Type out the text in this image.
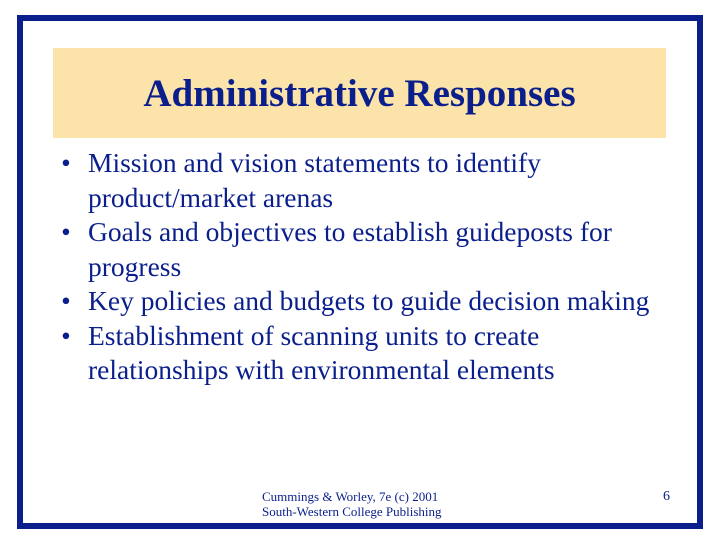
Administrative Responses
• Mission and vision statements to identify product/market arenas
• Goals and objectives to establish guideposts for progress
• Key policies and budgets to guide decision making
• Establishment of scanning units to create relationships with environmental elements
Cummings & Worley, 7e (c) 2001
South-Western College Publishing
6
